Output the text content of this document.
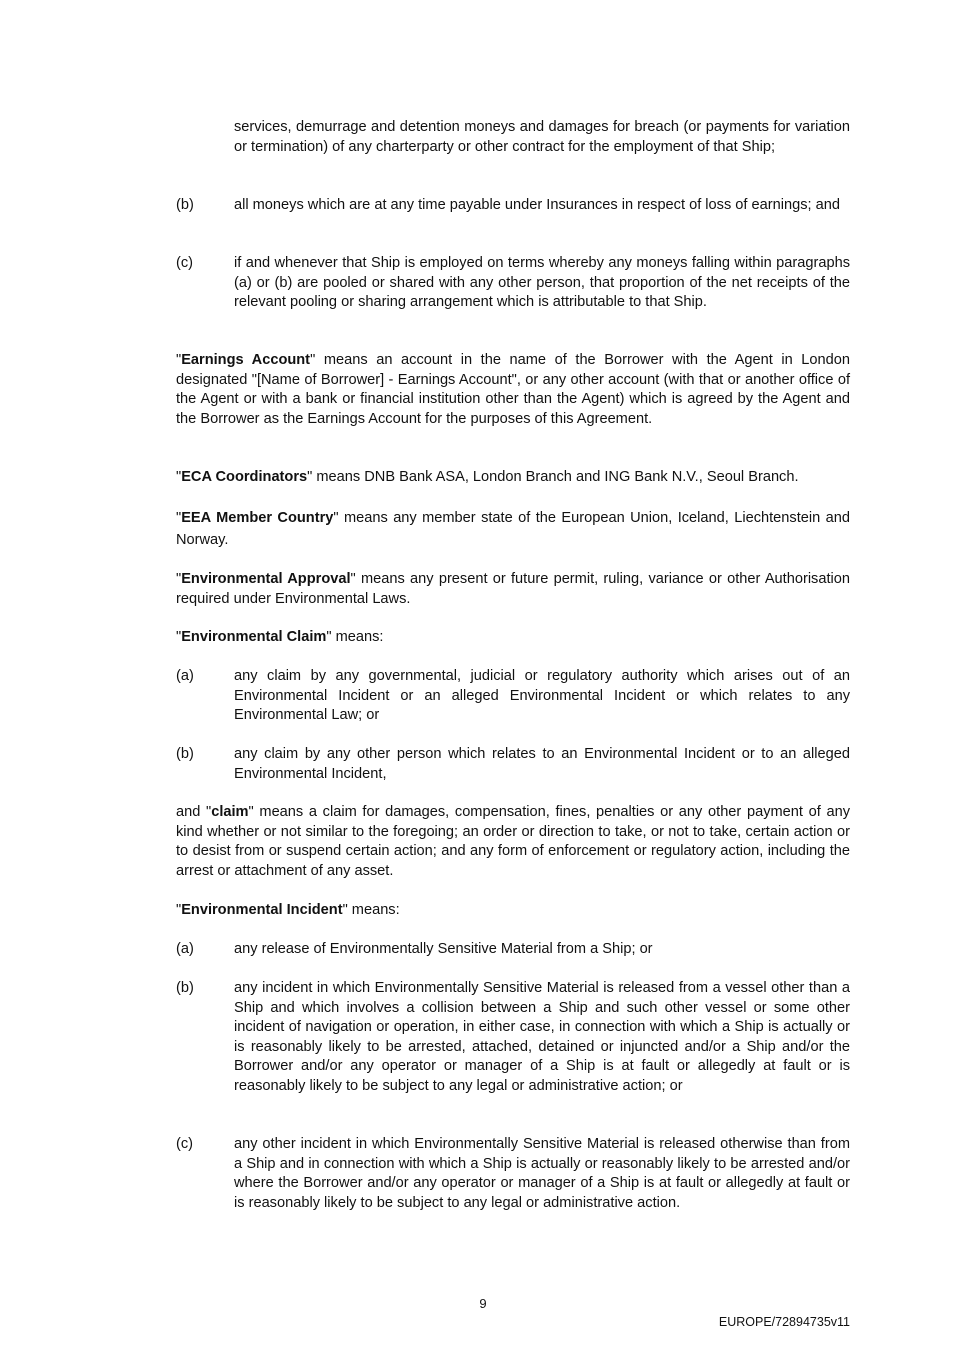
services, demurrage and detention moneys and damages for breach (or payments for variation or termination) of any charterparty or other contract for the employment of that Ship;

(b)	all moneys which are at any time payable under Insurances in respect of loss of earnings; and

(c)	if and whenever that Ship is employed on terms whereby any moneys falling within paragraphs (a) or (b) are pooled or shared with any other person, that proportion of the net receipts of the relevant pooling or sharing arrangement which is attributable to that Ship.

"Earnings Account" means an account in the name of the Borrower with the Agent in London designated "[Name of Borrower] - Earnings Account", or any other account (with that or another office of the Agent or with a bank or financial institution other than the Agent) which is agreed by the Agent and the Borrower as the Earnings Account for the purposes of this Agreement.

"ECA Coordinators" means DNB Bank ASA, London Branch and ING Bank N.V., Seoul Branch.

"EEA Member Country" means any member state of the European Union, Iceland, Liechtenstein and Norway.

"Environmental Approval" means any present or future permit, ruling, variance or other Authorisation required under Environmental Laws.

"Environmental Claim" means:

(a)	any claim by any governmental, judicial or regulatory authority which arises out of an Environmental Incident or an alleged Environmental Incident or which relates to any Environmental Law; or

(b)	any claim by any other person which relates to an Environmental Incident or to an alleged Environmental Incident,

and "claim" means a claim for damages, compensation, fines, penalties or any other payment of any kind whether or not similar to the foregoing; an order or direction to take, or not to take, certain action or to desist from or suspend certain action; and any form of enforcement or regulatory action, including the arrest or attachment of any asset.

"Environmental Incident" means:

(a)	any release of Environmentally Sensitive Material from a Ship; or

(b)	any incident in which Environmentally Sensitive Material is released from a vessel other than a Ship and which involves a collision between a Ship and such other vessel or some other incident of navigation or operation, in either case, in connection with which a Ship is actually or is reasonably likely to be arrested, attached, detained or injuncted and/or a Ship and/or the Borrower and/or any operator or manager of a Ship is at fault or allegedly at fault or is reasonably likely to be subject to any legal or administrative action; or

(c)	any other incident in which Environmentally Sensitive Material is released otherwise than from a Ship and in connection with which a Ship is actually or reasonably likely to be arrested and/or where the Borrower and/or any operator or manager of a Ship is at fault or allegedly at fault or is reasonably likely to be subject to any legal or administrative action.

9
EUROPE/72894735v11
